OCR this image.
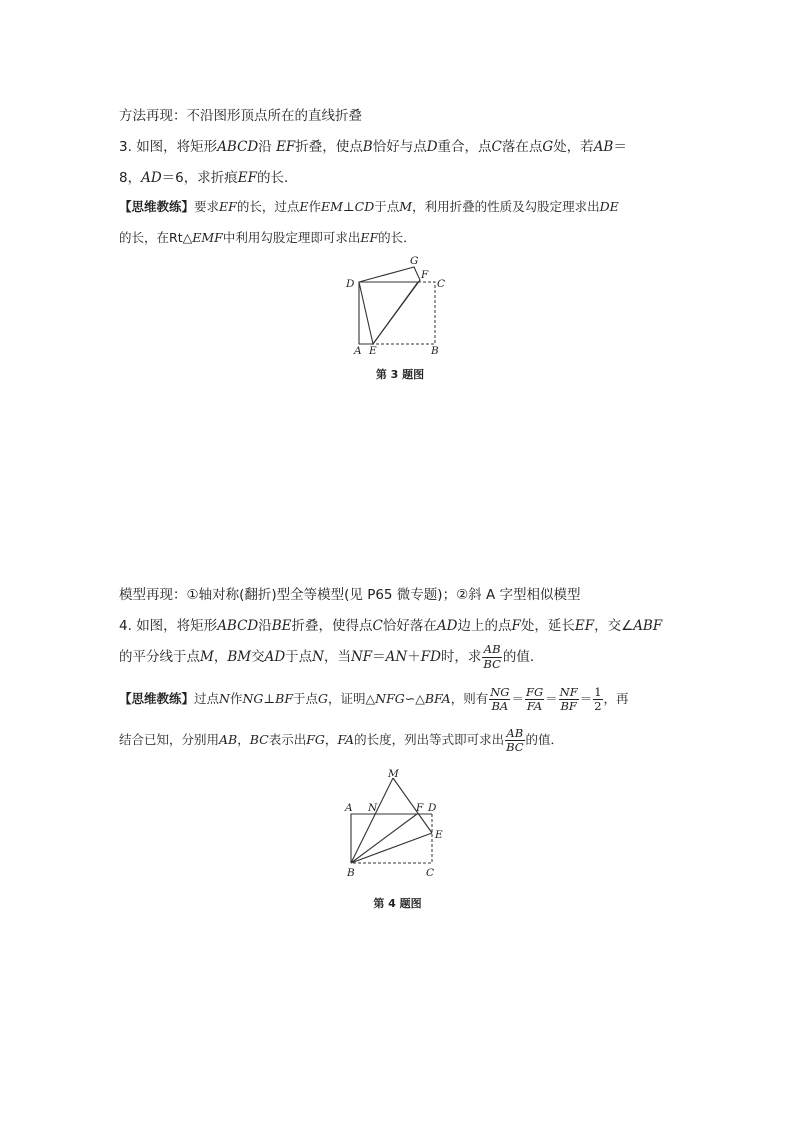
方法再现：不沿图形顶点所在的直线折叠
3. 如图，将矩形ABCD沿 EF折叠，使点B恰好与点D重合，点C落在点G处，若AB＝
8，AD＝6，求折痕EF的长．
【思维教练】要求EF的长，过点E作EM⊥CD于点M，利用折叠的性质及勾股定理求出DE
的长，在Rt△EMF中利用勾股定理即可求出EF的长．
D
G
F
C
A E	B
第 3 题图
模型再现：①轴对称(翻折)型全等模型(见 P65 微专题)；②斜 A 字型相似模型
4. 如图，将矩形ABCD沿BE折叠，使得点C恰好落在AD边上的点F处，延长EF，交∠ABF
的平分线于点M，BM交AD于点N，当NF＝AN＋FD时，求 $\frac{AB}{BC}$ 的值．
【思维教练】过点N作NG⊥BF于点G，证明△NFG∽△BFA，则有 $\frac{NG}{BA} = \frac{FG}{FA} = \frac{NF}{BF} = \frac{1}{2}$ ，再
结合已知，分别用AB，BC表示出FG，FA的长度，列出等式即可求出 $\frac{AB}{BC}$ 的值．
M
A N	F D
E
B	C
第 4 题图
